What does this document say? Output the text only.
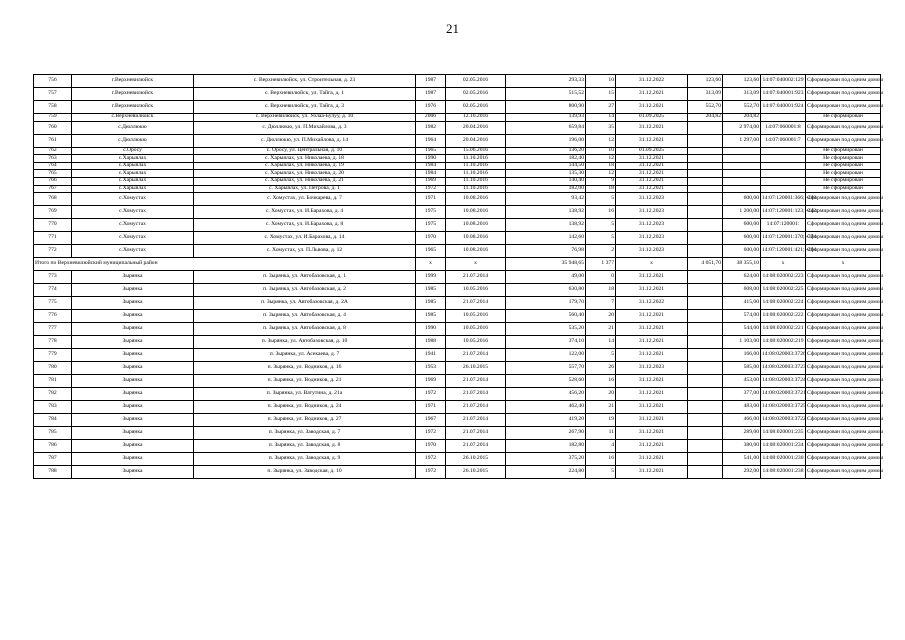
21
756	г.Верхневилюйск	с. Верхневилюйск, ул. Строительная, д. 23	1987	02.05.2016	293,33	10	31.12.2022	123,60	123,60	14:07:040002:129	Сформирован под одним домом
757	г.Верхневилюйск	с. Верхневилюйск, ул. Тайга, д. 1	1987	02.05.2016	515,52	15	31.12.2021	313,09	313,09	14:07:040001:923	Сформирован под одним домом
758	г.Верхневилюйск	с. Верхневилюйск, ул. Тайга, д. 3	1976	02.05.2016	800,90	27	31.12.2021	552,70	552,70	14:07:040001:924	Сформирован под одним домом
759	с.Верхневилюйск	с. Верхневилюйск, ул. Уолаа-Булуу, д. 10	2006	12.10.2016	139,93	14	01.09.2025	204,82	204,82		Не сформирован
760	с.Дюллюкю	с. Дюллюкю, ул. П.Михайлова, д. 3	1982	20.04.2016	659,84	35	31.12.2021		2 974,00	14:07:060001:8	Сформирован под одним домом
761	с.Дюллюкю	с. Дюллюкю, ул. П.Михайлова, д. 14	1964	20.04.2016	196,00	12	31.12.2021		1 297,00	14:07:060001:7	Сформирован под одним домом
762	с.Оросу	с. Оросу, ул. Центральная, д. 10	1965	15.06.2016	136,20	10	01.09.2025				Не сформирован
763	с.Харыялах	с. Харыялах, ул. Николаева, д. 18	1990	11.10.2016	182,40	12	31.12.2021				Не сформирован
764	с.Харыялах	с. Харыялах, ул. Николаева, д. 19	1984	11.10.2016	144,50	18	31.12.2021				Не сформирован
765	с.Харыялах	с. Харыялах, ул. Николаева, д. 20	1984	11.10.2016	135,30	12	31.12.2021				Не сформирован
766	с.Харыялах	с. Харыялах, ул. Николаева, д. 21	1969	11.10.2016	140,40	9	31.12.2021				Не сформирован
767	с.Харыялах	с. Харыялах, ул. Петрова, д. 1	1972	11.10.2016	182,00	18	31.12.2021				Не сформирован
768	с.Хомустах	с. Хомустах, ул. Бочкарева, д. 7	1971	10.08.2016	93,42	5	31.12.2023		600,00	14:07:120001:366; -410	Сформирован под одним домом
769	с.Хомустах	с. Хомустах, ул. И.Барахова, д. 4	1975	10.08.2016	138,92	16	31.12.2023		1 200,00	14:07:120001:123; -442;	Сформирован под одним домом
770	с.Хомустах	с. Хомустах, ул. И.Барахова, д. 8	1975	10.08.2016	138,92	5	31.12.2023		600,00	14:07:120001:	Сформирован под одним домом
771	с.Хомустах	с. Хомустах, ул. И.Барахова, д. 14	1970	10.08.2016	142,60	5	31.12.2023		600,00	14:07:120001:370; -374	Сформирован под одним домом
772	с.Хомустах	с. Хомустах, ул. П.Львова, д. 12	1965	10.08.2016	76,98	2	31.12.2023		600,00	14:07:120001:421; -404	Сформирован под одним домом
Итого по Верхневилюйский муниципальный район			х	х	35 948,65	1 377	х	4 051,70	38 355,10	х	х
773	Зырянка	п. Зырянка, ул. Автобазовская, д. 1	1999	21.07.2014	49,00	0	31.12.2021		624,00	14:08:020002:223	Сформирован под одним домом
774	Зырянка	п. Зырянка, ул. Автобазовская, д. 2	1985	10.05.2016	630,80	18	31.12.2021		608,00	14:08:020002:225	Сформирован под одним домом
775	Зырянка	п. Зырянка, ул. Автобазовская, д. 2А	1985	21.07.2014	179,70	7	31.12.2022		415,00	14:08:020002:224	Сформирован под одним домом
776	Зырянка	п. Зырянка, ул. Автобазовская, д. 4	1985	10.05.2016	560,40	20	31.12.2021		574,00	14:08:020002:222	Сформирован под одним домом
777	Зырянка	п. Зырянка, ул. Автобазовская, д. 8	1990	10.05.2016	535,20	21	31.12.2021		544,00	14:08:020002:221	Сформирован под одним домом
778	Зырянка	п. Зырянка, ул. Автобазовская, д. 10	1988	10.05.2016	374,10	14	31.12.2021		1 103,00	14:08:020002:219	Сформирован под одним домом
779	Зырянка	п. Зырянка, ул. Асекаева, д. 7	1941	21.07.2014	122,00	5	31.12.2021		166,00	14:08:020003:3726	Сформирован под одним домом
780	Зырянка	п. Зырянка, ул. Водников, д. 16	1953	26.10.2015	557,70	26	31.12.2023		585,00	14:08:020003:3723	Сформирован под одним домом
781	Зырянка	п. Зырянка, ул. Водников, д. 21	1969	21.07.2014	528,60	16	31.12.2021		453,00	14:08:020003:3724	Сформирован под одним домом
782	Зырянка	п. Зырянка, ул. Ватутина, д. 21а	1972	21.07.2014	456,20	20	31.12.2021		377,00	14:08:020003:3721	Сформирован под одним домом
783	Зырянка	п. Зырянка, ул. Водников, д. 24	1971	21.07.2014	462,40	21	31.12.2021		483,00	14:08:020003:3725	Сформирован под одним домом
784	Зырянка	п. Зырянка, ул. Водников, д. 27	1967	21.07.2014	419,20	19	31.12.2021		466,00	14:08:020003:3722	Сформирован под одним домом
785	Зырянка	п. Зырянка, ул. Заводская, д. 7	1972	21.07.2014	267,90	11	31.12.2021		289,00	14:08:020001:235	Сформирован под одним домом
786	Зырянка	п. Зырянка, ул. Заводская, д. 8	1970	21.07.2014	182,80	4	31.12.2021		380,00	14:08:020001:234	Сформирован под одним домом
787	Зырянка	п. Зырянка, ул. Заводская, д. 9	1972	26.10.2015	375,20	16	31.12.2021		541,00	14:08:020001:230	Сформирован под одним домом
788	Зырянка	п. Зырянка, ул. Заводская, д. 10	1972	26.10.2015	224,80	5	31.12.2021		292,00	14:08:020001:238	Сформирован под одним домом
